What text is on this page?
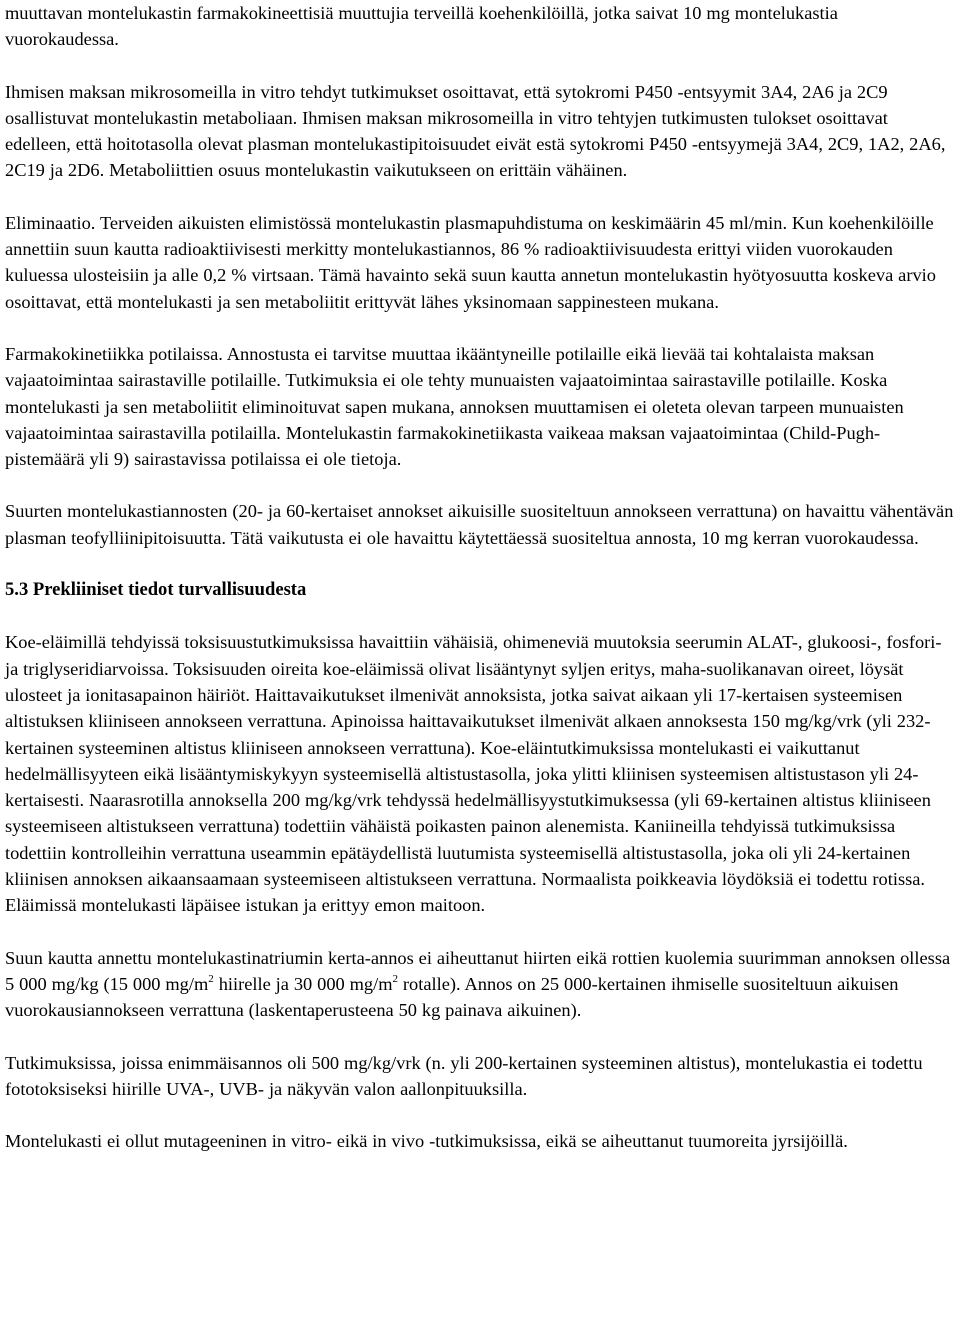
muuttavan montelukastin farmakokineettisiä muuttujia terveillä koehenkilöillä, jotka saivat 10 mg montelukastia vuorokaudessa.

Ihmisen maksan mikrosomeilla in vitro tehdyt tutkimukset osoittavat, että sytokromi P450 -entsyymit 3A4, 2A6 ja 2C9 osallistuvat montelukastin metaboliaan. Ihmisen maksan mikrosomeilla in vitro tehtyjen tutkimusten tulokset osoittavat edelleen, että hoitotasolla olevat plasman montelukastipitoisuudet eivät estä sytokromi P450 -entsyymejä 3A4, 2C9, 1A2, 2A6, 2C19 ja 2D6. Metaboliittien osuus montelukastin vaikutukseen on erittäin vähäinen.

Eliminaatio. Terveiden aikuisten elimistössä montelukastin plasmapuhdistuma on keskimäärin 45 ml/min. Kun koehenkilöille annettiin suun kautta radioaktiivisesti merkitty montelukastiannos, 86 % radioaktiivisuudesta erittyi viiden vuorokauden kuluessa ulosteisiin ja alle 0,2 % virtsaan. Tämä havainto sekä suun kautta annetun montelukastin hyötyosuutta koskeva arvio osoittavat, että montelukasti ja sen metaboliitit erittyvät lähes yksinomaan sappinesteen mukana.

Farmakokinetiikka potilaissa. Annostusta ei tarvitse muuttaa ikääntyneille potilaille eikä lievää tai kohtalaista maksan vajaatoimintaa sairastaville potilaille. Tutkimuksia ei ole tehty munuaisten vajaatoimintaa sairastaville potilaille. Koska montelukasti ja sen metaboliitit eliminoituvat sapen mukana, annoksen muuttamisen ei oleteta olevan tarpeen munuaisten vajaatoimintaa sairastavilla potilailla. Montelukastin farmakokinetiikasta vaikeaa maksan vajaatoimintaa (Child-Pugh-pistemäärä yli 9) sairastavissa potilaissa ei ole tietoja.

Suurten montelukastiannosten (20- ja 60-kertaiset annokset aikuisille suositeltuun annokseen verrattuna) on havaittu vähentävän plasman teofylliinipitoisuutta. Tätä vaikutusta ei ole havaittu käytettäessä suositeltua annosta, 10 mg kerran vuorokaudessa.

5.3 Prekliiniset tiedot turvallisuudesta

Koe-eläimillä tehdyissä toksisuustutkimuksissa havaittiin vähäisiä, ohimeneviä muutoksia seerumin ALAT-, glukoosi-, fosfori- ja triglyseridiarvoissa. Toksisuuden oireita koe-eläimissä olivat lisääntynyt syljen eritys, maha-suolikanavan oireet, löysät ulosteet ja ionitasapainon häiriöt. Haittavaikutukset ilmenivät annoksista, jotka saivat aikaan yli 17-kertaisen systeemisen altistuksen kliiniseen annokseen verrattuna. Apinoissa haittavaikutukset ilmenivät alkaen annoksesta 150 mg/kg/vrk (yli 232-kertainen systeeminen altistus kliiniseen annokseen verrattuna). Koe-eläintutkimuksissa montelukasti ei vaikuttanut hedelmällisyyteen eikä lisääntymiskykyyn systeemisellä altistustasolla, joka ylitti kliinisen systeemisen altistustason yli 24-kertaisesti. Naarasrotilla annoksella 200 mg/kg/vrk tehdyssä hedelmällisyystutkimuksessa (yli 69-kertainen altistus kliiniseen systeemiseen altistukseen verrattuna) todettiin vähäistä poikasten painon alenemista. Kaniineilla tehdyissä tutkimuksissa todettiin kontrolleihin verrattuna useammin epätäydellistä luutumista systeemisellä altistustasolla, joka oli yli 24-kertainen kliinisen annoksen aikaansaamaan systeemiseen altistukseen verrattuna. Normaalista poikkeavia löydöksiä ei todettu rotissa. Eläimissä montelukasti läpäisee istukan ja erittyy emon maitoon.

Suun kautta annettu montelukastinatriumin kerta-annos ei aiheuttanut hiirten eikä rottien kuolemia suurimman annoksen ollessa 5 000 mg/kg (15 000 $mg/m^2$ hiirelle ja 30 000 $mg/m^2$ rotalle). Annos on 25 000-kertainen ihmiselle suositeltuun aikuisen vuorokausiannokseen verrattuna (laskentaperusteena 50 kg painava aikuinen).

Tutkimuksissa, joissa enimmäisannos oli 500 mg/kg/vrk (n. yli 200-kertainen systeeminen altistus), montelukastia ei todettu fototoksiseksi hiirille UVA-, UVB- ja näkyvän valon aallonpituuksilla.

Montelukasti ei ollut mutageeninen in vitro- eikä in vivo -tutkimuksissa, eikä se aiheuttanut tuumoreita jyrsijöillä.
